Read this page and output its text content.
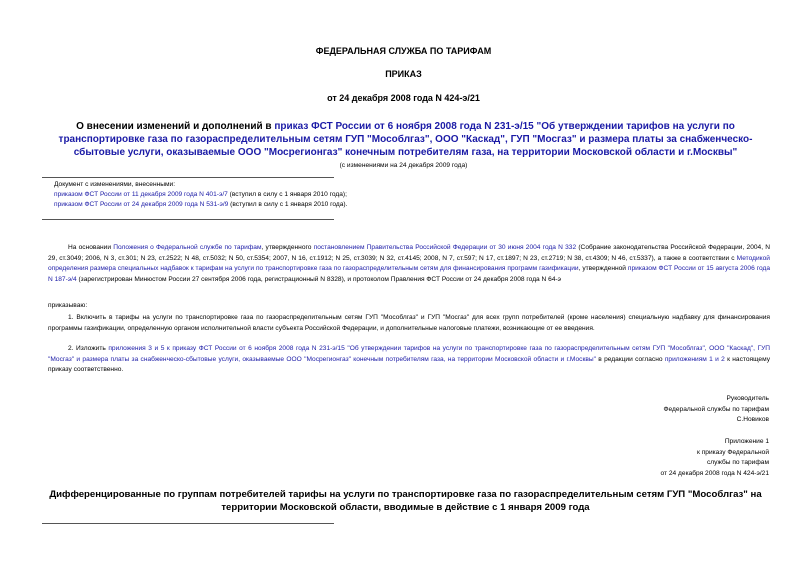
ФЕДЕРАЛЬНАЯ СЛУЖБА ПО ТАРИФАМ
ПРИКАЗ
от 24 декабря 2008 года N 424-э/21
О внесении изменений и дополнений в приказ ФСТ России от 6 ноября 2008 года N 231-э/15 "Об утверждении тарифов на услуги по транспортировке газа по газораспределительным сетям ГУП "Мособлгаз", ООО "Каскад", ГУП "Мосгаз" и размера платы за снабженческо-сбытовые услуги, оказываемые ООО "Мосрегионгаз" конечным потребителям газа, на территории Московской области и г.Москвы"
(с изменениями на 24 декабря 2009 года)
Документ с изменениями, внесенными:
приказом ФСТ России от 11 декабря 2009 года N 401-э/7 (вступил в силу с 1 января 2010 года);
приказом ФСТ России от 24 декабря 2009 года N 531-э/9 (вступил в силу с 1 января 2010 года).
На основании Положения о Федеральной службе по тарифам, утвержденного постановлением Правительства Российской Федерации от 30 июня 2004 года N 332 (Собрание законодательства Российской Федерации, 2004, N 29, ст.3049; 2006, N 3, ст.301; N 23, ст.2522; N 48, ст.5032; N 50, ст.5354; 2007, N 16, ст.1912; N 25, ст.3039; N 32, ст.4145; 2008, N 7, ст.597; N 17, ст.1897; N 23, ст.2719; N 38, ст.4309; N 46, ст.5337), а также в соответствии с Методикой определения размера специальных надбавок к тарифам на услуги по транспортировке газа по газораспределительным сетям для финансирования программ газификации, утвержденной приказом ФСТ России от 15 августа 2006 года N 187-э/4 (зарегистрирован Минюстом России 27 сентября 2006 года, регистрационный N 8328), и протоколом Правления ФСТ России от 24 декабря 2008 года N 64-э
приказываю:
1. Включить в тарифы на услуги по транспортировке газа по газораспределительным сетям ГУП "Мособлгаз" и ГУП "Мосгаз" для всех групп потребителей (кроме населения) специальную надбавку для финансирования программы газификации, определенную органом исполнительной власти субъекта Российской Федерации, и дополнительные налоговые платежи, возникающие от ее введения.
2. Изложить приложения 3 и 5 к приказу ФСТ России от 6 ноября 2008 года N 231-э/15 "Об утверждении тарифов на услуги по транспортировке газа по газораспределительным сетям ГУП "Мособлгаз", ООО "Каскад", ГУП "Мосгаз" и размера платы за снабженческо-сбытовые услуги, оказываемые ООО "Мосрегионгаз" конечным потребителям газа, на территории Московской области и г.Москвы" в редакции согласно приложениям 1 и 2 к настоящему приказу соответственно.
Руководитель
Федеральной службы по тарифам
С.Новиков
Приложение 1
к приказу Федеральной
службы по тарифам
от 24 декабря 2008 года N 424-э/21
Дифференцированные по группам потребителей тарифы на услуги по транспортировке газа по газораспределительным сетям ГУП "Мособлгаз" на территории Московской области, вводимые в действие с 1 января 2009 года
